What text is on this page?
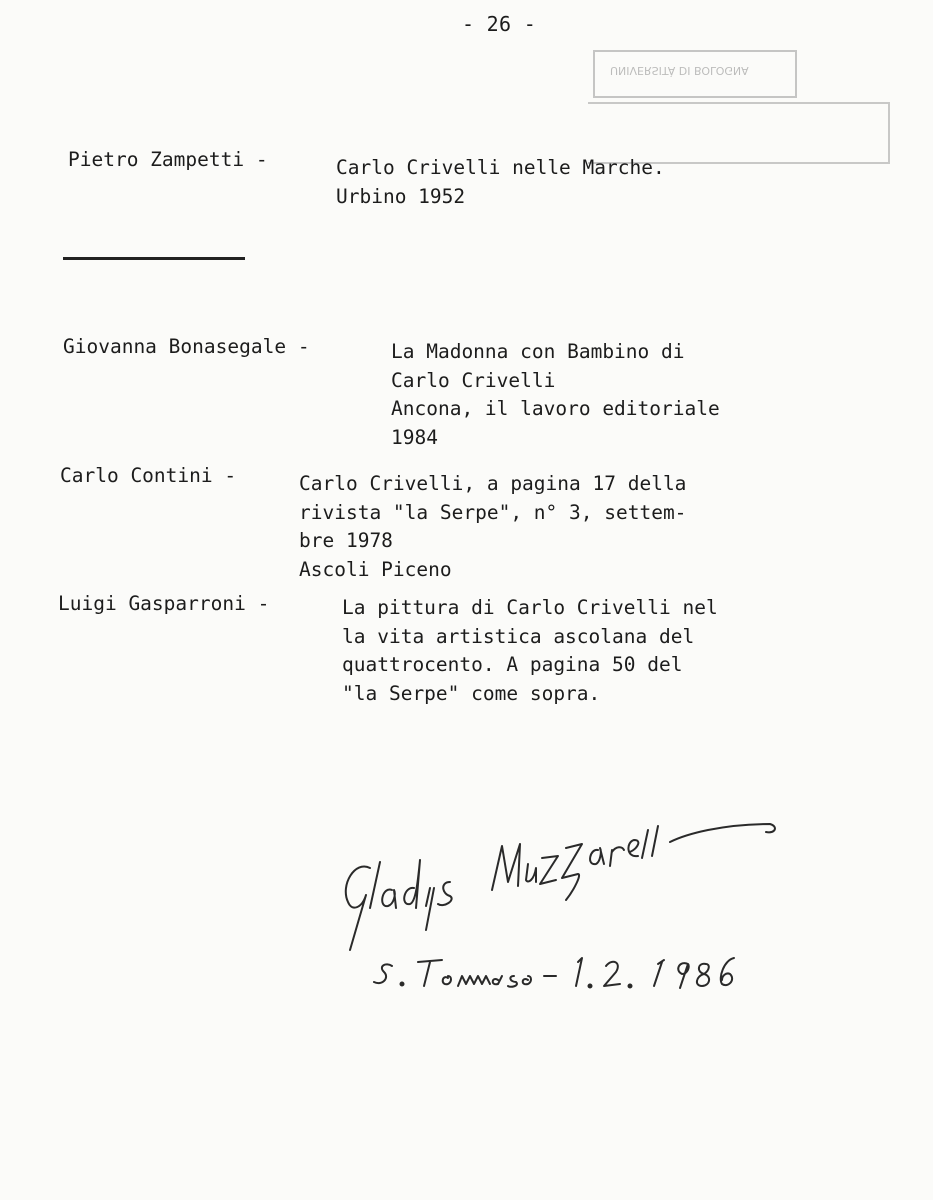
- 26 -
UNIVERSITÀ DI BOLOGNA
Pietro Zampetti -	Carlo Crivelli nelle Marche.
Urbino 1952
Giovanna Bonasegale -	La Madonna con Bambino di
Carlo Crivelli
Ancona, il lavoro editoriale
1984
Carlo Contini -	Carlo Crivelli, a pagina 17 della
rivista "la Serpe", n° 3, settem-
bre 1978
Ascoli Piceno
Luigi Gasparroni -	La pittura di Carlo Crivelli nel
la vita artistica ascolana del
quattrocento. A pagina 50 del
"la Serpe" come sopra.
